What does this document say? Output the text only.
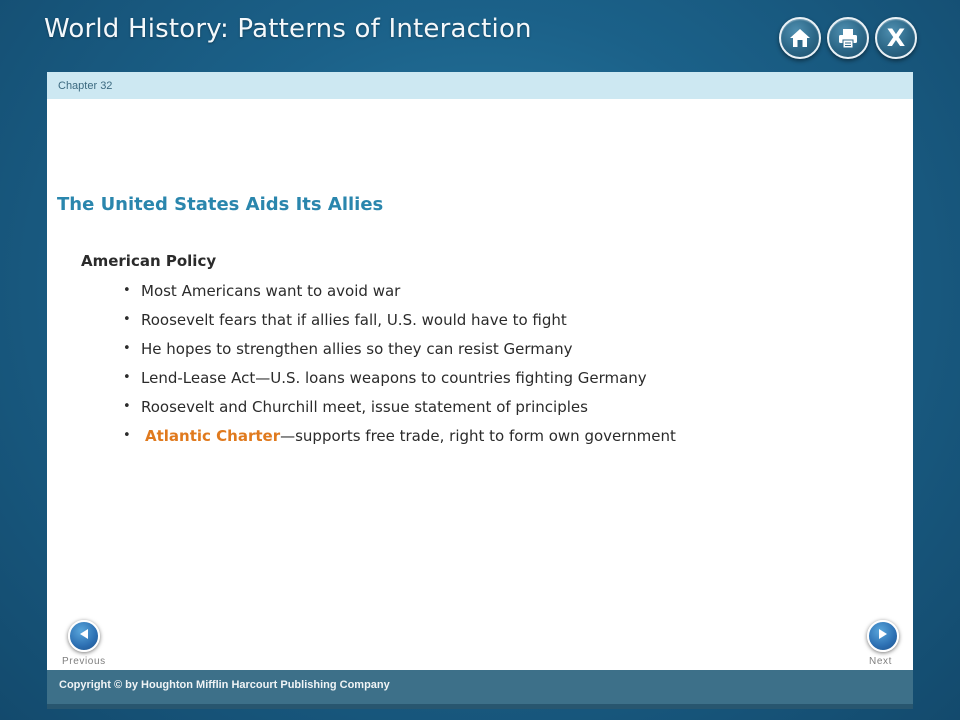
World History: Patterns of Interaction	X
Chapter 32
The United States Aids Its Allies
American Policy
• Most Americans want to avoid war
• Roosevelt fears that if allies fall, U.S. would have to fight
• He hopes to strengthen allies so they can resist Germany
• Lend-Lease Act—U.S. loans weapons to countries fighting Germany
• Roosevelt and Churchill meet, issue statement of principles
• Atlantic Charter—supports free trade, right to form own government
Previous	Next
Copyright © by Houghton Mifflin Harcourt Publishing Company
